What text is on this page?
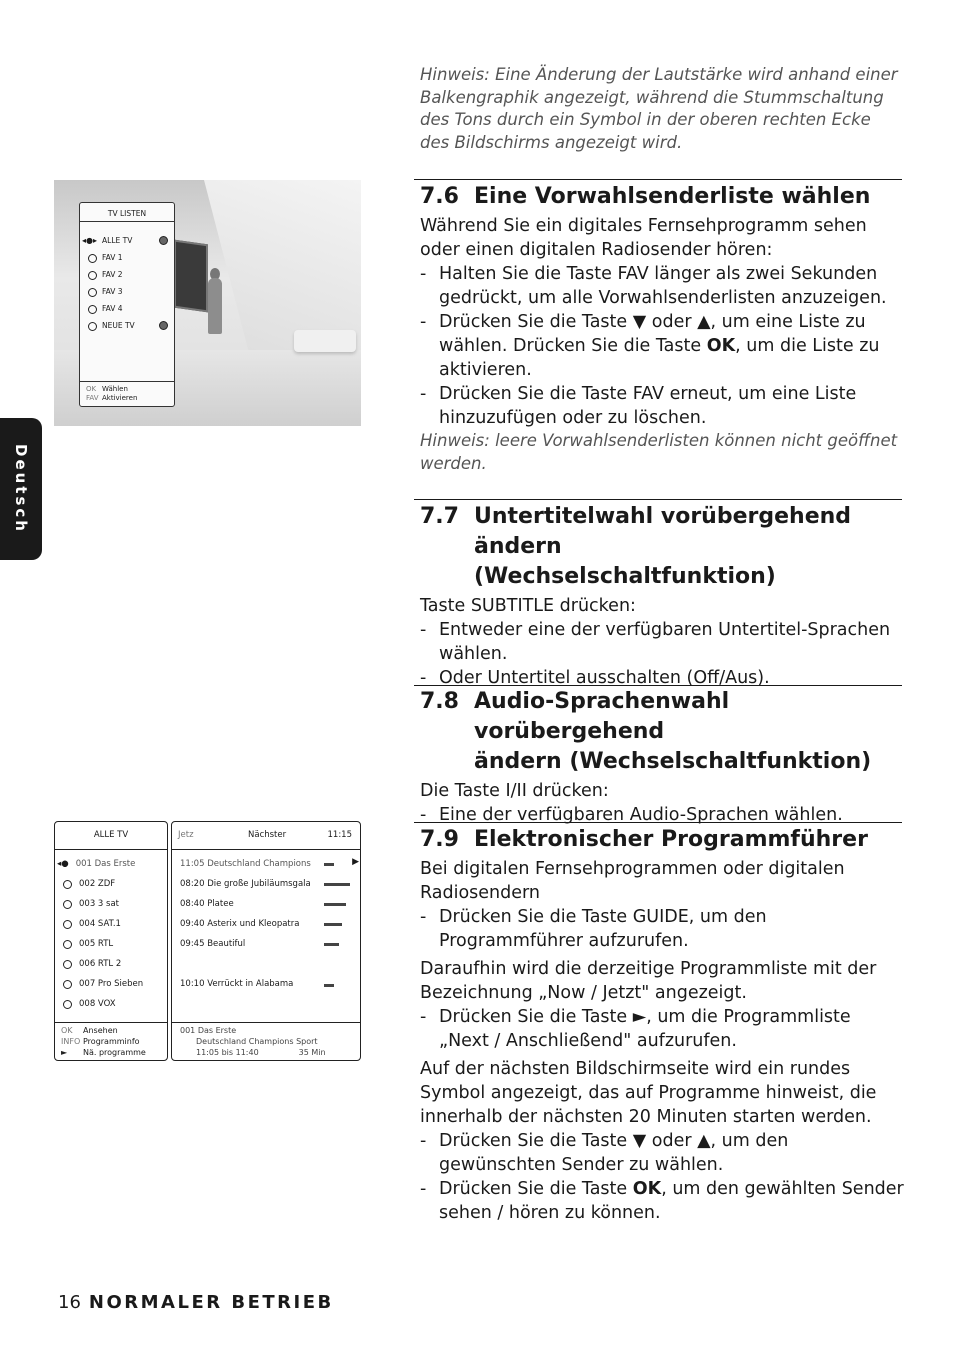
Deutsch
Hinweis: Eine Änderung der Lautstärke wird anhand einer Balkengraphik angezeigt, während die Stummschaltung des Tons durch ein Symbol in der oberen rechten Ecke des Bildschirms angezeigt wird.
7.6 Eine Vorwahlsenderliste wählen
Während Sie ein digitales Fernsehprogramm sehen oder einen digitalen Radiosender hören:
- Halten Sie die Taste FAV länger als zwei Sekunden gedrückt, um alle Vorwahlsenderlisten anzuzeigen.
- Drücken Sie die Taste ▼ oder ▲, um eine Liste zu wählen. Drücken Sie die Taste OK, um die Liste zu aktivieren.
- Drücken Sie die Taste FAV erneut, um eine Liste hinzuzufügen oder zu löschen.
Hinweis: leere Vorwahlsenderlisten können nicht geöffnet werden.
7.7 Untertitelwahl vorübergehend ändern
(Wechselschaltfunktion)
Taste SUBTITLE drücken:
- Entweder eine der verfügbaren Untertitel-Sprachen wählen.
- Oder Untertitel ausschalten (Off/Aus).
7.8 Audio-Sprachenwahl vorübergehend
ändern (Wechselschaltfunktion)
Die Taste I/II drücken:
- Eine der verfügbaren Audio-Sprachen wählen.
7.9 Elektronischer Programmführer
Bei digitalen Fernsehprogrammen oder digitalen Radiosendern
- Drücken Sie die Taste GUIDE, um den Programmführer aufzurufen.
Daraufhin wird die derzeitige Programmliste mit der Bezeichnung „Now / Jetzt" angezeigt.
- Drücken Sie die Taste ►, um die Programmliste „Next / Anschließend" aufzurufen.
Auf der nächsten Bildschirmseite wird ein rundes Symbol angezeigt, das auf Programme hinweist, die innerhalb der nächsten 20 Minuten starten werden.
- Drücken Sie die Taste ▼ oder ▲, um den gewünschten Sender zu wählen.
- Drücken Sie die Taste OK, um den gewählten Sender sehen / hören zu können.
TV LISTEN
◂●▸ ALLE TV
FAV 1
FAV 2
FAV 3
FAV 4
NEUE TV
OK Wählen
FAV Aktivieren
ALLE TV
◂● 001 Das Erste
002 ZDF
003 3 sat
004 SAT.1
005 RTL
006 RTL 2
007 Pro Sieben
008 VOX
OK Ansehen
INFO Programminfo
► Nä. programme
Jetz	Nächster	11:15
11:05 Deutschland Champions	▶
08:20 Die große Jubiläumsgala
08:40 Platee
09:40 Asterix und Kleopatra
09:45 Beautiful
10:10 Verrückt in Alabama
001 Das Erste
Deutschland Champions Sport
11:05 bis 11:40	35 Min
16 NORMALER BETRIEB
